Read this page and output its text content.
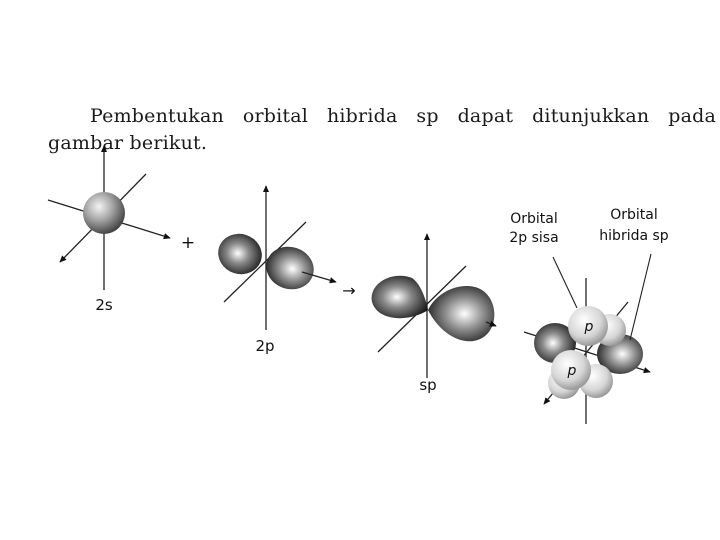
Pembentukan orbital hibrida sp dapat ditunjukkan pada gambar berikut.

2s
+
2p
→
sp
p
p
Orbital
2p sisa
Orbital
hibrida sp
